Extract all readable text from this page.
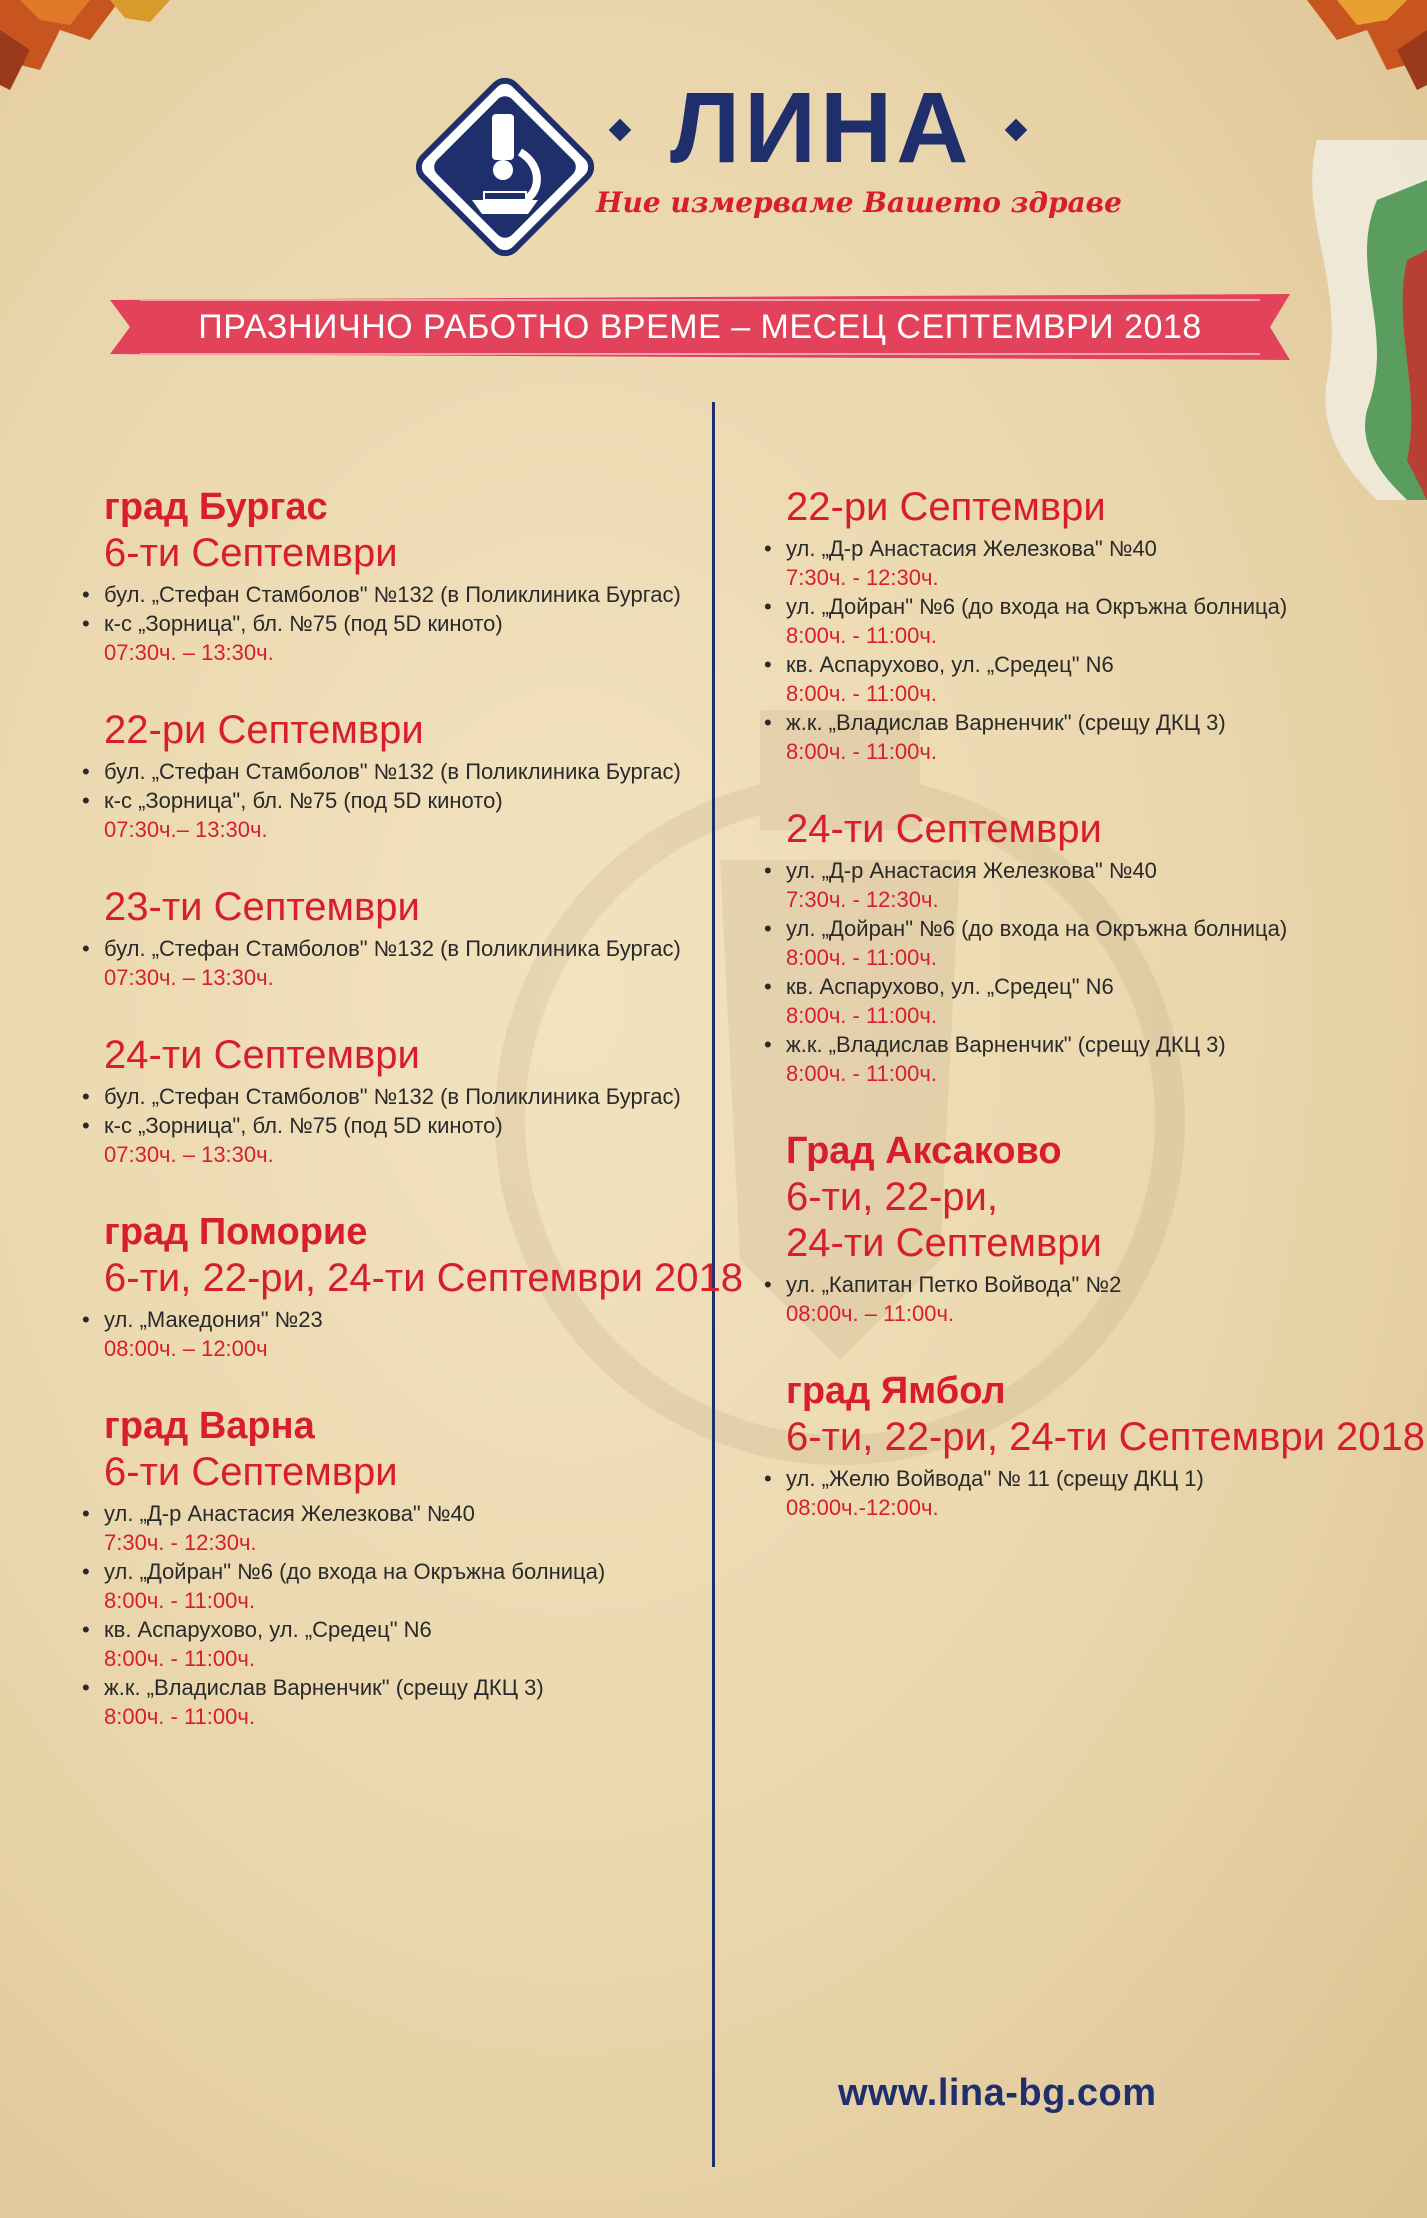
ЛИНА
Ние измерваме Вашето здраве
ПРАЗНИЧНО РАБОТНО ВРЕМЕ – МЕСЕЦ СЕПТЕМВРИ 2018

град Бургас

6-ти Септември

• бул. „Стефан Стамболов" №132 (в Поликлиника Бургас)
• к-с „Зорница", бл. №75 (под 5D киното)

07:30ч. – 13:30ч.

22-ри Септември

• бул. „Стефан Стамболов" №132 (в Поликлиника Бургас)
• к-с „Зорница", бл. №75 (под 5D киното)

07:30ч.– 13:30ч.

23-ти Септември

• бул. „Стефан Стамболов" №132 (в Поликлиника Бургас)

07:30ч. – 13:30ч.

24-ти Септември

• бул. „Стефан Стамболов" №132 (в Поликлиника Бургас)
• к-с „Зорница", бл. №75 (под 5D киното)

07:30ч. – 13:30ч.

град Поморие

6-ти, 22-ри, 24-ти Септември 2018

• ул. „Македония" №23

08:00ч. – 12:00ч

град Варна

6-ти Септември

• ул. „Д-р Анастасия Железкова" №40
7:30ч. - 12:30ч.
• ул. „Дойран" №6 (до входа на Окръжна болница)
8:00ч. - 11:00ч.
• кв. Аспарухово, ул. „Средец" N6
8:00ч. - 11:00ч.
• ж.к. „Владислав Варненчик" (срещу ДКЦ 3)
8:00ч. - 11:00ч.

22-ри Септември

• ул. „Д-р Анастасия Железкова" №40
7:30ч. - 12:30ч.
• ул. „Дойран" №6 (до входа на Окръжна болница)
8:00ч. - 11:00ч.
• кв. Аспарухово, ул. „Средец" N6
8:00ч. - 11:00ч.
• ж.к. „Владислав Варненчик" (срещу ДКЦ 3)
8:00ч. - 11:00ч.

24-ти Септември

• ул. „Д-р Анастасия Железкова" №40
7:30ч. - 12:30ч.
• ул. „Дойран" №6 (до входа на Окръжна болница)
8:00ч. - 11:00ч.
• кв. Аспарухово, ул. „Средец" N6
8:00ч. - 11:00ч.
• ж.к. „Владислав Варненчик" (срещу ДКЦ 3)
8:00ч. - 11:00ч.

Град Аксаково

6-ти, 22-ри,

24-ти Септември

• ул. „Капитан Петко Войвода" №2

08:00ч. – 11:00ч.

град Ямбол

6-ти, 22-ри, 24-ти Септември 2018

• ул. „Желю Войвода" № 11 (срещу ДКЦ 1)

08:00ч.-12:00ч.

www.lina-bg.com
